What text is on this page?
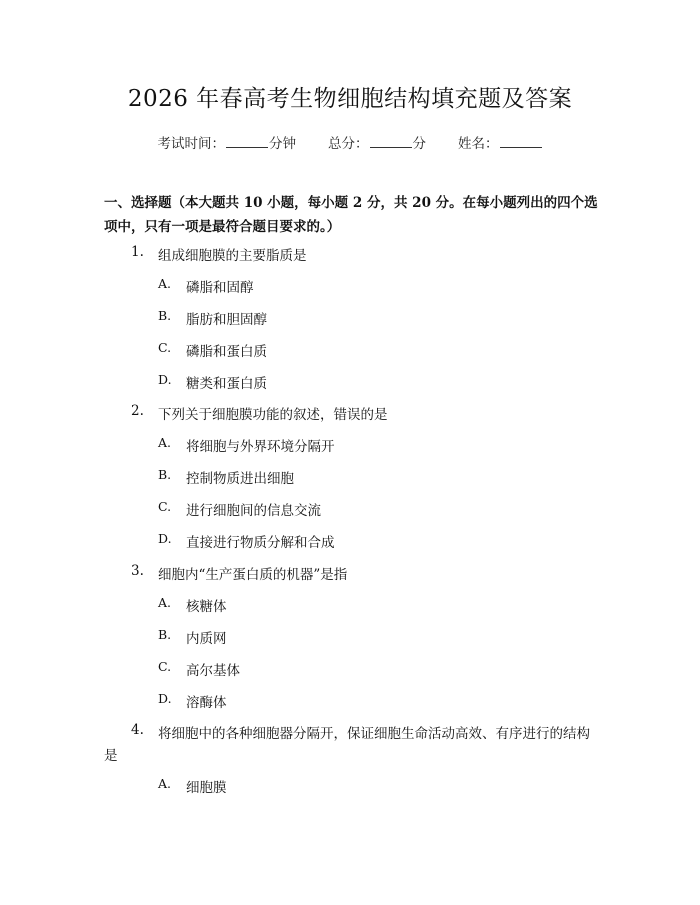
2026 年春高考生物细胞结构填充题及答案
考试时间：	分钟 总分：	分 姓名：
一、选择题（本大题共 10 小题，每小题 2 分，共 20 分。在每小题列出的四个选项中，只有一项是最符合题目要求的。）
1. 组成细胞膜的主要脂质是
A. 磷脂和固醇
B. 脂肪和胆固醇
C. 磷脂和蛋白质
D. 糖类和蛋白质
2. 下列关于细胞膜功能的叙述，错误的是
A. 将细胞与外界环境分隔开
B. 控制物质进出细胞
C. 进行细胞间的信息交流
D. 直接进行物质分解和合成
3. 细胞内“生产蛋白质的机器”是指
A. 核糖体
B. 内质网
C. 高尔基体
D. 溶酶体
4. 将细胞中的各种细胞器分隔开，保证细胞生命活动高效、有序进行的结构
是
A. 细胞膜
